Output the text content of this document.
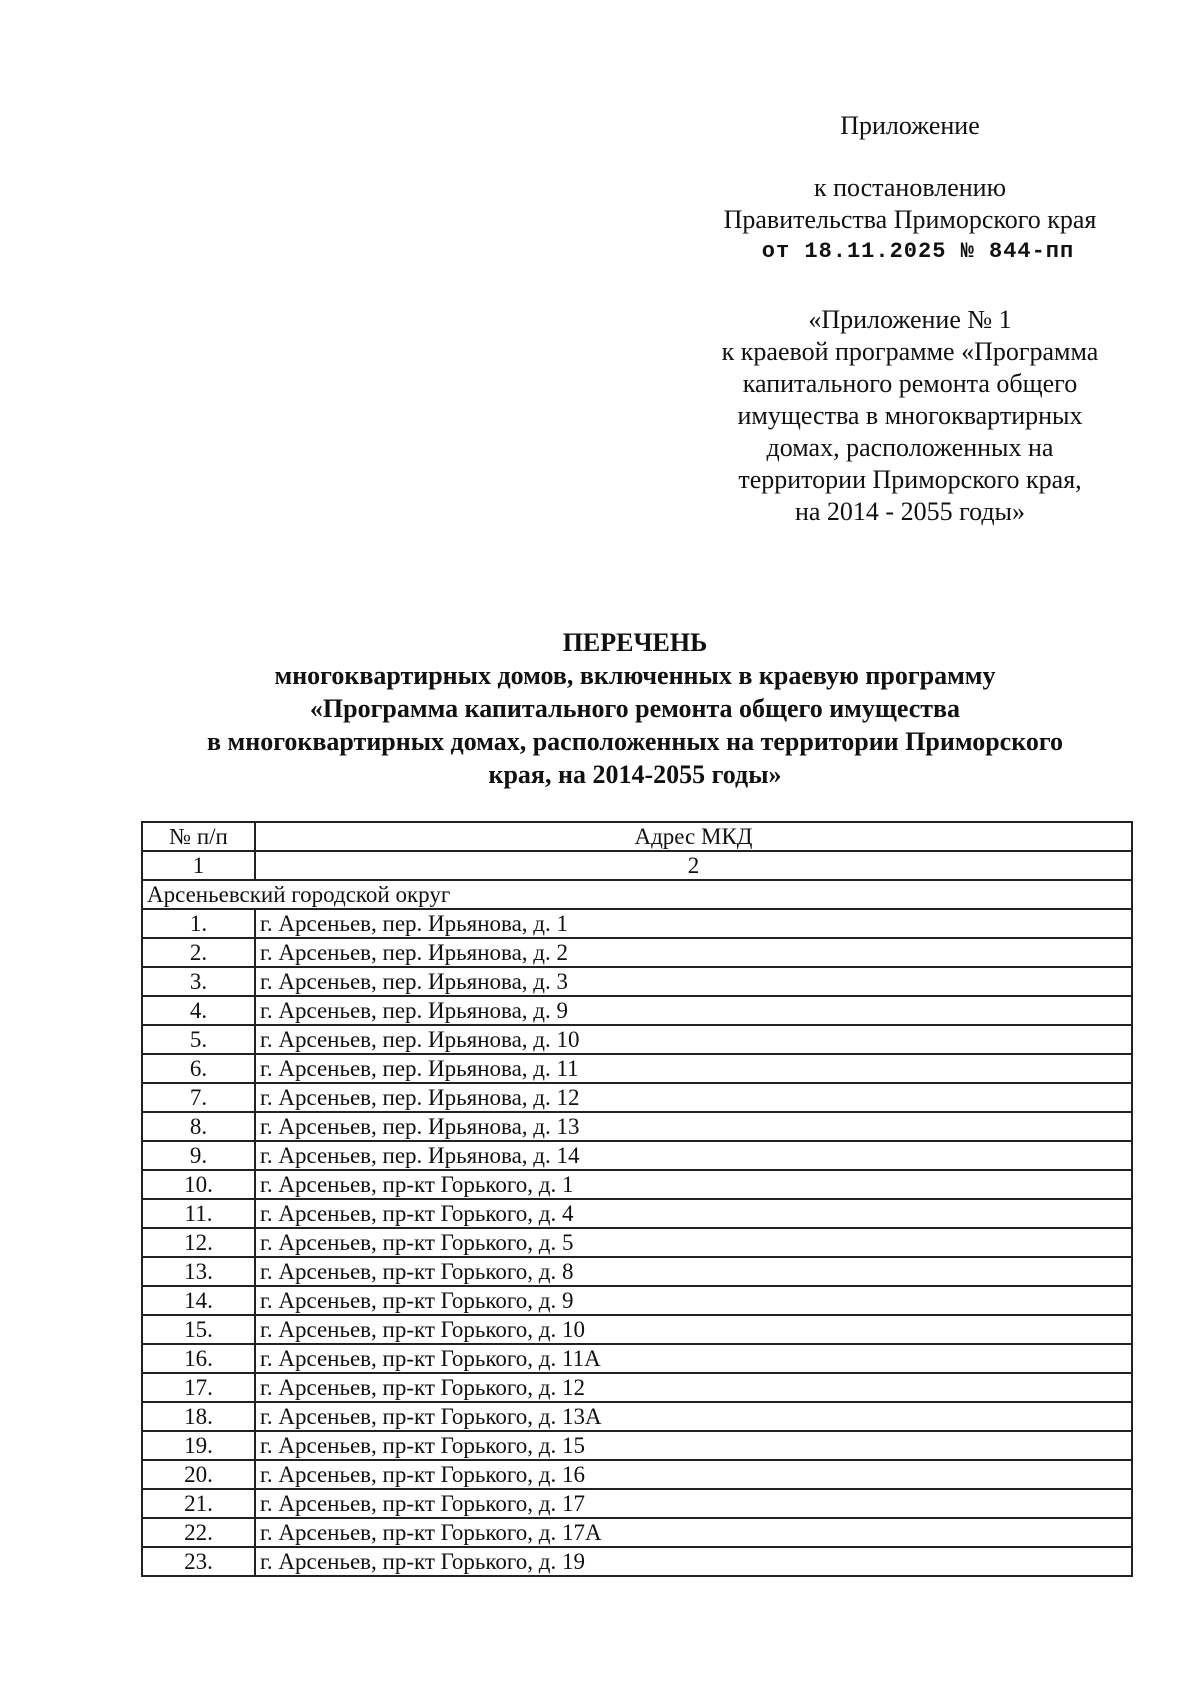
Приложение
к постановлению
Правительства Приморского края
от 18.11.2025 № 844-пп
«Приложение № 1
к краевой программе «Программа
капитального ремонта общего
имущества в многоквартирных
домах, расположенных на
территории Приморского края,
на 2014 - 2055 годы»
ПЕРЕЧЕНЬ
многоквартирных домов, включенных в краевую программу
«Программа капитального ремонта общего имущества
в многоквартирных домах, расположенных на территории Приморского
края, на 2014-2055 годы»
№ п/п	Адрес МКД
1	2
Арсеньевский городской округ	
1.	г. Арсеньев, пер. Ирьянова, д. 1
2.	г. Арсеньев, пер. Ирьянова, д. 2
3.	г. Арсеньев, пер. Ирьянова, д. 3
4.	г. Арсеньев, пер. Ирьянова, д. 9
5.	г. Арсеньев, пер. Ирьянова, д. 10
6.	г. Арсеньев, пер. Ирьянова, д. 11
7.	г. Арсеньев, пер. Ирьянова, д. 12
8.	г. Арсеньев, пер. Ирьянова, д. 13
9.	г. Арсеньев, пер. Ирьянова, д. 14
10.	г. Арсеньев, пр-кт Горького, д. 1
11.	г. Арсеньев, пр-кт Горького, д. 4
12.	г. Арсеньев, пр-кт Горького, д. 5
13.	г. Арсеньев, пр-кт Горького, д. 8
14.	г. Арсеньев, пр-кт Горького, д. 9
15.	г. Арсеньев, пр-кт Горького, д. 10
16.	г. Арсеньев, пр-кт Горького, д. 11А
17.	г. Арсеньев, пр-кт Горького, д. 12
18.	г. Арсеньев, пр-кт Горького, д. 13А
19.	г. Арсеньев, пр-кт Горького, д. 15
20.	г. Арсеньев, пр-кт Горького, д. 16
21.	г. Арсеньев, пр-кт Горького, д. 17
22.	г. Арсеньев, пр-кт Горького, д. 17А
23.	г. Арсеньев, пр-кт Горького, д. 19
